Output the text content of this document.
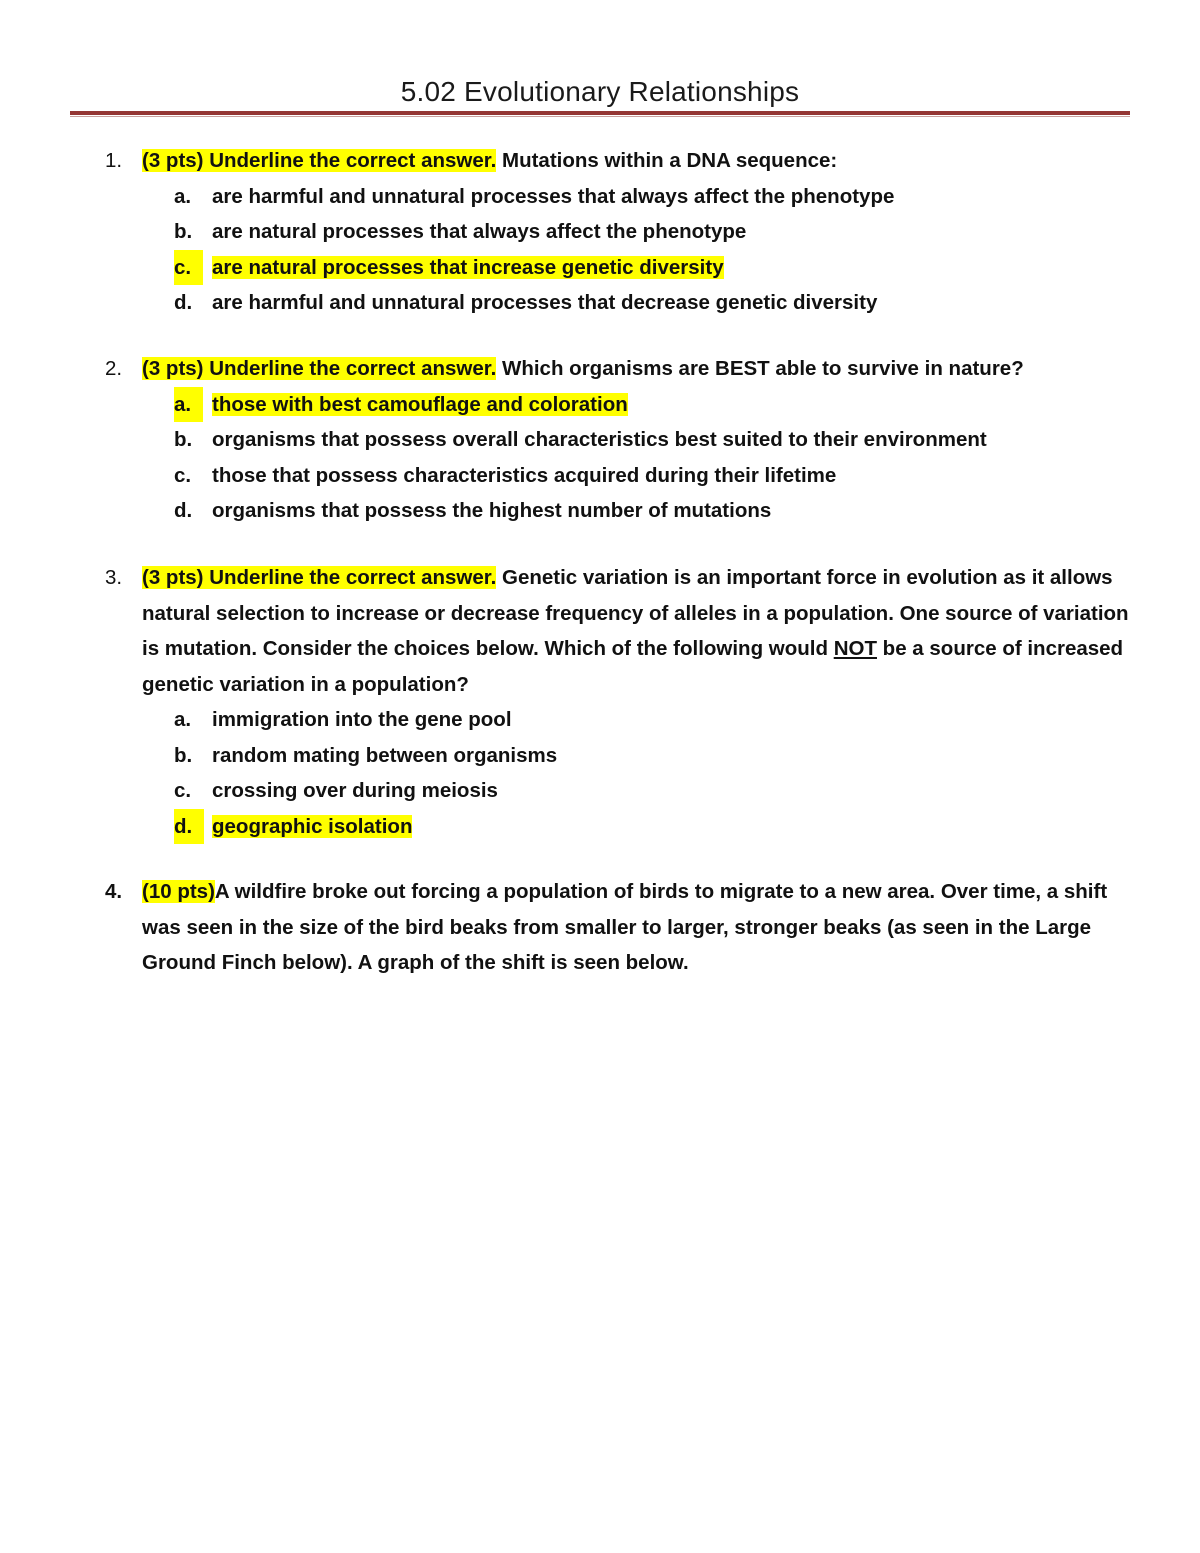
5.02 Evolutionary Relationships
1. (3 pts) Underline the correct answer. Mutations within a DNA sequence:
a. are harmful and unnatural processes that always affect the phenotype
b. are natural processes that always affect the phenotype
c.	are natural processes that increase genetic diversity
d. are harmful and unnatural processes that decrease genetic diversity
2. (3 pts) Underline the correct answer. Which organisms are BEST able to survive in nature?
a.	those with best camouflage and coloration
b. organisms that possess overall characteristics best suited to their environment
c. those that possess characteristics acquired during their lifetime
d. organisms that possess the highest number of mutations
3. (3 pts) Underline the correct answer. Genetic variation is an important force in evolution as it allows natural selection to increase or decrease frequency of alleles in a population. One source of variation is mutation. Consider the choices below. Which of the following would NOT be a source of increased genetic variation in a population?
a. immigration into the gene pool
b. random mating between organisms
c. crossing over during meiosis
d. geographic isolation
4. (10 pts)A wildfire broke out forcing a population of birds to migrate to a new area. Over time, a shift was seen in the size of the bird beaks from smaller to larger, stronger beaks (as seen in the Large Ground Finch below). A graph of the shift is seen below.
